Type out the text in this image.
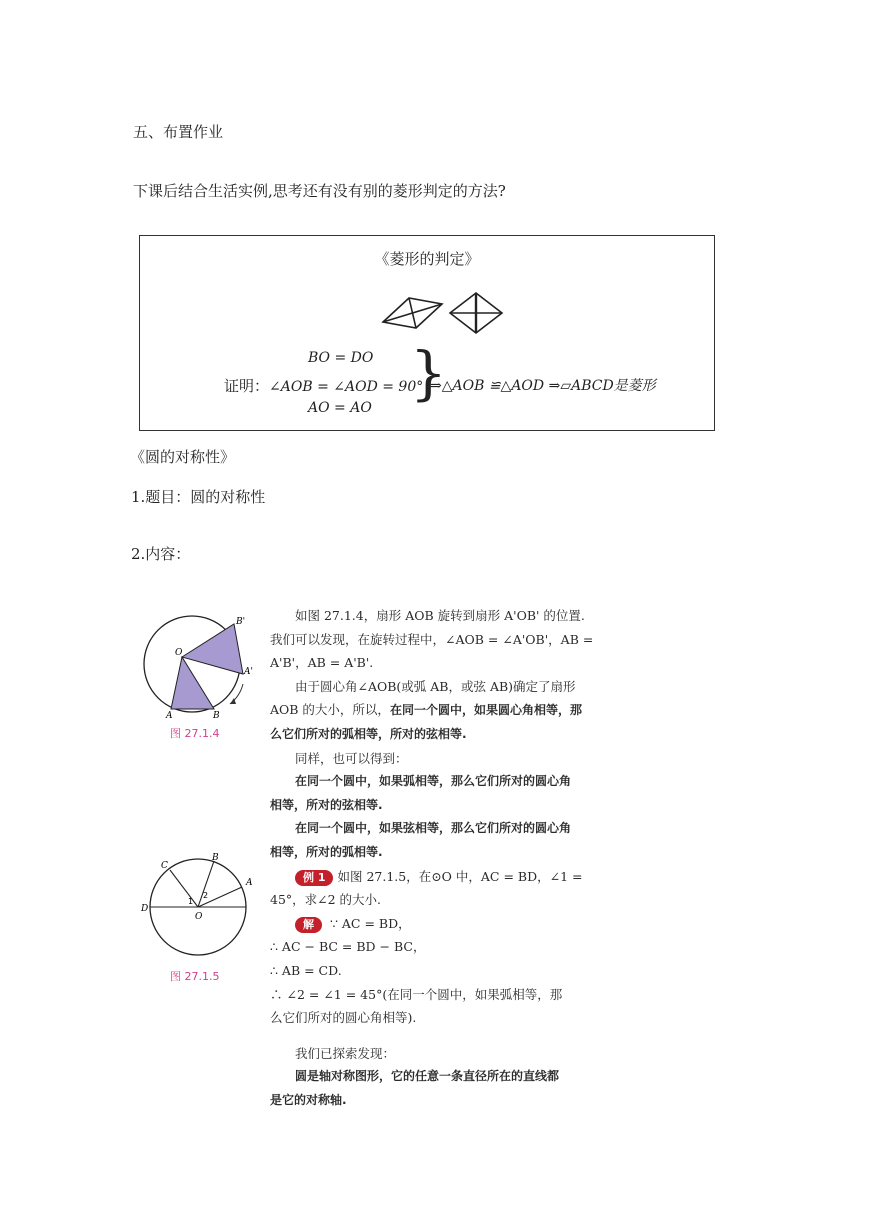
五、布置作业
下课后结合生活实例,思考还有没有别的菱形判定的方法?
《菱形的判定》
BO = DO
证明：∠AOB = ∠AOD = 90°
AO = AO
}
⇒△AOB ≌△AOD ⇒▱ABCD是菱形
《圆的对称性》
1.题目：圆的对称性
2.内容：
O
A	B
B'
A'
图 27.1.4
C
B
A
D
O
1
2
图 27.1.5
如图 27.1.4，扇形 AOB 旋转到扇形 A'OB' 的位置.
我们可以发现，在旋转过程中，∠AOB = ∠A'OB'，AB =
A'B'，AB = A'B'.
由于圆心角∠AOB(或弧 AB，或弦 AB)确定了扇形
AOB 的大小，所以，在同一个圆中，如果圆心角相等，那
么它们所对的弧相等，所对的弦相等.
同样，也可以得到：
在同一个圆中，如果弧相等，那么它们所对的圆心角
相等，所对的弦相等.
在同一个圆中，如果弦相等，那么它们所对的圆心角
相等，所对的弧相等.
例 1 如图 27.1.5，在⊙O 中，AC = BD，∠1 =
45°，求∠2 的大小.
解 ∵ AC = BD，
∴ AC − BC = BD − BC，
∴ AB = CD.
∴ ∠2 = ∠1 = 45°(在同一个圆中，如果弧相等，那
么它们所对的圆心角相等).
我们已探索发现：
圆是轴对称图形，它的任意一条直径所在的直线都
是它的对称轴.
